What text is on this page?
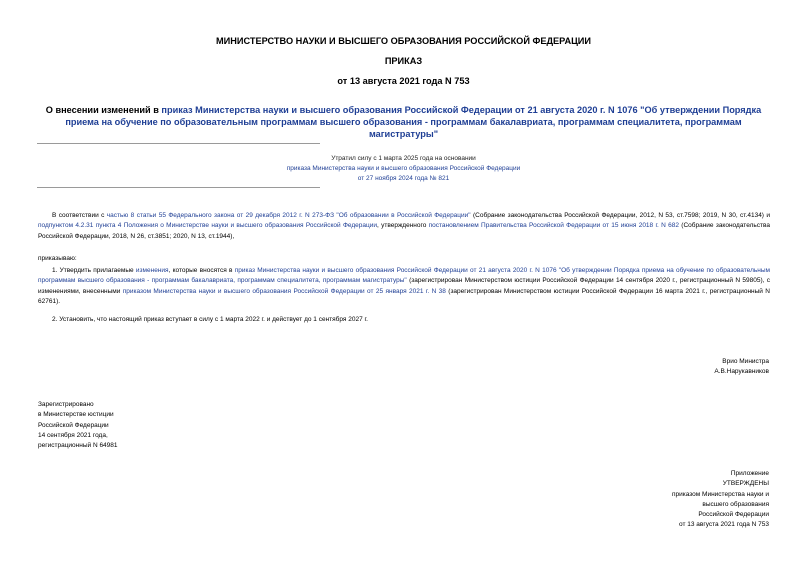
МИНИСТЕРСТВО НАУКИ И ВЫСШЕГО ОБРАЗОВАНИЯ РОССИЙСКОЙ ФЕДЕРАЦИИ
ПРИКАЗ
от 13 августа 2021 года N 753
О внесении изменений в приказ Министерства науки и высшего образования Российской Федерации от 21 августа 2020 г. N 1076 "Об утверждении Порядка приема на обучение по образовательным программам высшего образования - программам бакалавриата, программам специалитета, программам магистратуры"
Утратил силу с 1 марта 2025 года на основании
приказа Министерства науки и высшего образования Российской Федерации
от 27 ноября 2024 года № 821
В соответствии с частью 8 статьи 55 Федерального закона от 29 декабря 2012 г. N 273-ФЗ "Об образовании в Российской Федерации" (Собрание законодательства Российской Федерации, 2012, N 53, ст.7598; 2019, N 30, ст.4134) и подпунктом 4.2.31 пункта 4 Положения о Министерстве науки и высшего образования Российской Федерации, утвержденного постановлением Правительства Российской Федерации от 15 июня 2018 г. N 682 (Собрание законодательства Российской Федерации, 2018, N 26, ст.3851; 2020, N 13, ст.1944),
приказываю:
1. Утвердить прилагаемые изменения, которые вносятся в приказ Министерства науки и высшего образования Российской Федерации от 21 августа 2020 г. N 1076 "Об утверждении Порядка приема на обучение по образовательным программам высшего образования - программам бакалавриата, программам специалитета, программам магистратуры" (зарегистрирован Министерством юстиции Российской Федерации 14 сентября 2020 г., регистрационный N 59805), с изменениями, внесенными приказом Министерства науки и высшего образования Российской Федерации от 25 января 2021 г. N 38 (зарегистрирован Министерством юстиции Российской Федерации 16 марта 2021 г., регистрационный N 62761).
2. Установить, что настоящий приказ вступает в силу с 1 марта 2022 г. и действует до 1 сентября 2027 г.
Врио Министра
А.В.Нарукавников
Зарегистрировано
в Министерстве юстиции
Российской Федерации
14 сентября 2021 года,
регистрационный N 64981
Приложение
УТВЕРЖДЕНЫ
приказом Министерства науки и
высшего образования
Российской Федерации
от 13 августа 2021 года N 753
